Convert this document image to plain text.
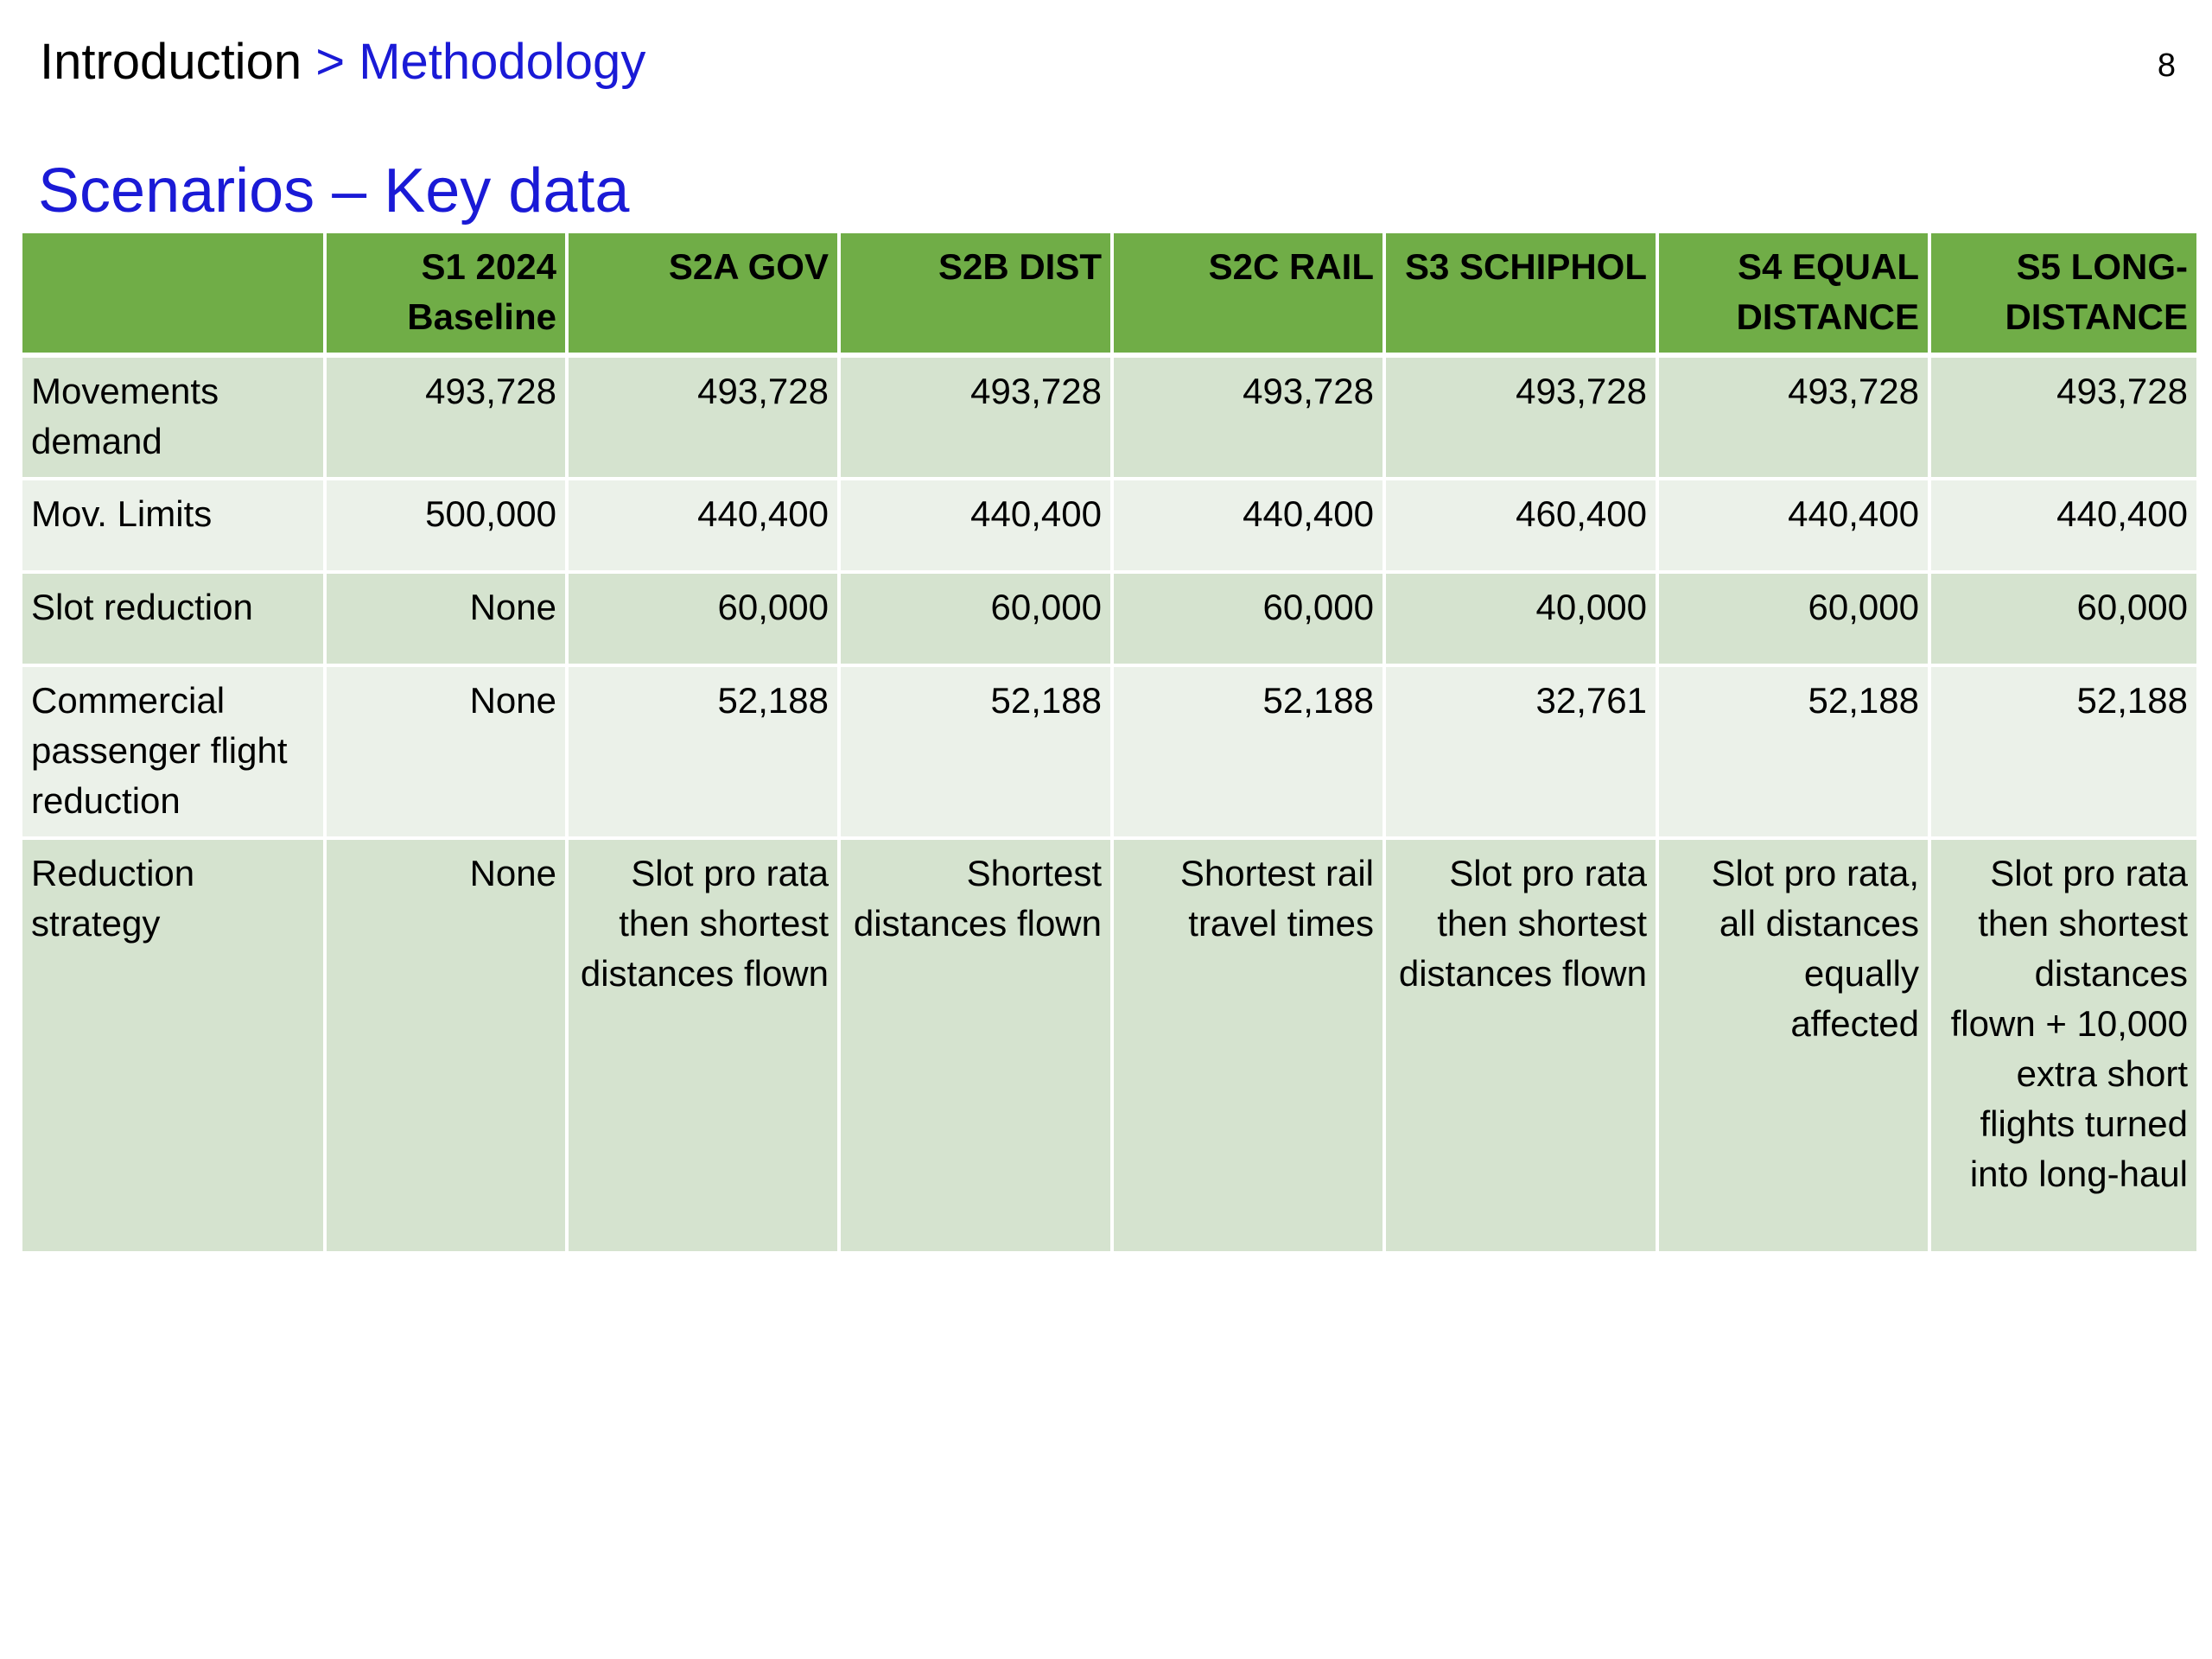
Introduction > Methodology	8
Scenarios – Key data
	S1 2024 Baseline	S2A GOV	S2B DIST	S2C RAIL	S3 SCHIPHOL	S4 EQUAL DISTANCE	S5 LONG-DISTANCE
Movements demand	493,728	493,728	493,728	493,728	493,728	493,728	493,728
Mov. Limits	500,000	440,400	440,400	440,400	460,400	440,400	440,400
Slot reduction	None	60,000	60,000	60,000	40,000	60,000	60,000
Commercial passenger flight reduction	None	52,188	52,188	52,188	32,761	52,188	52,188
Reduction strategy	None	Slot pro rata then shortest distances flown	Shortest distances flown	Shortest rail travel times	Slot pro rata then shortest distances flown	Slot pro rata, all distances equally affected	Slot pro rata then shortest distances flown + 10,000 extra short flights turned into long-haul
